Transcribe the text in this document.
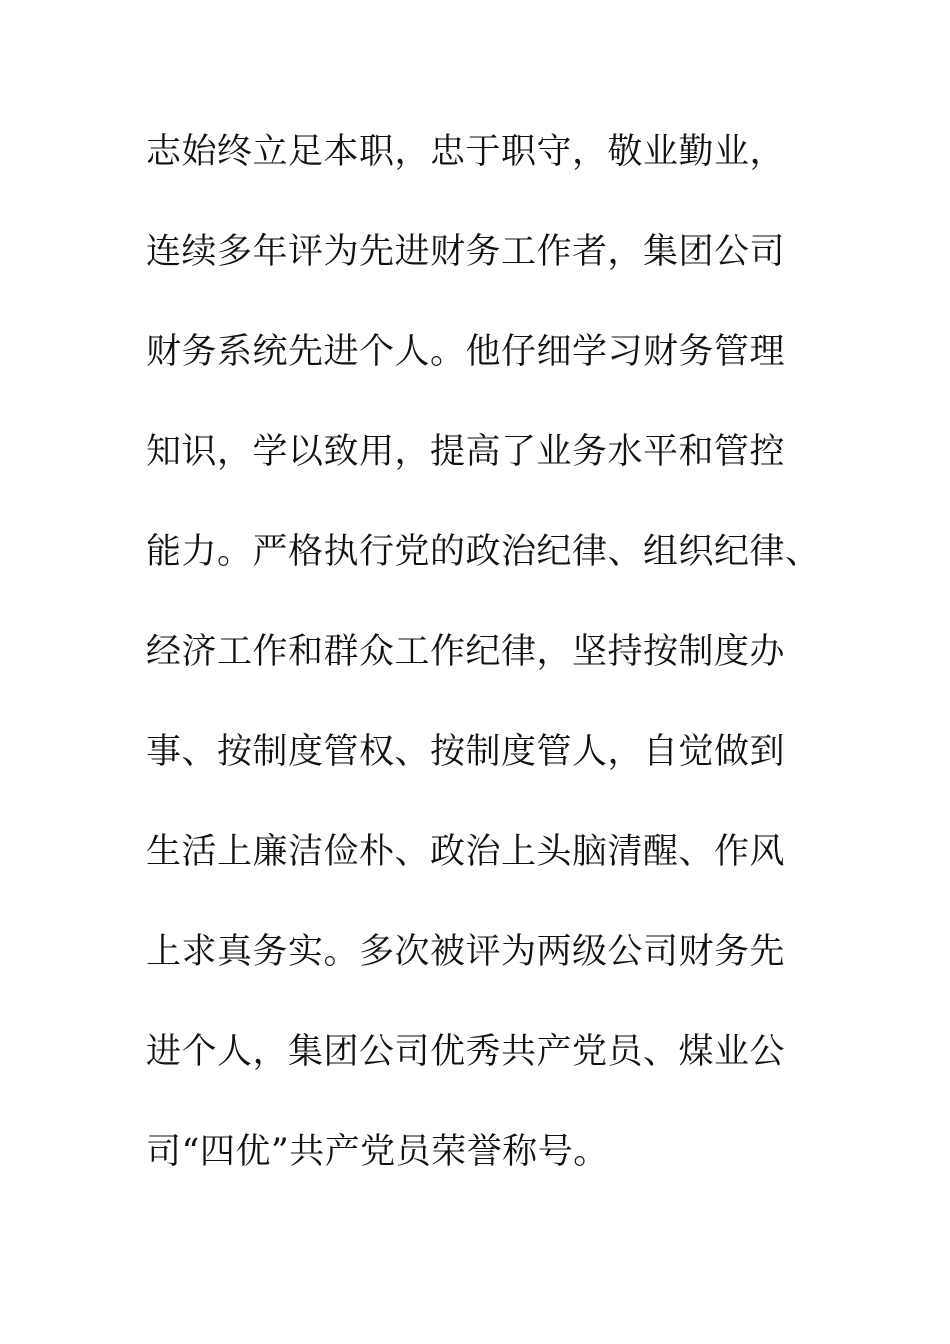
志始终立足本职，忠于职守，敬业勤业，
连续多年评为先进财务工作者，集团公司
财务系统先进个人。他仔细学习财务管理
知识，学以致用，提高了业务水平和管控
能力。严格执行党的政治纪律、组织纪律、
经济工作和群众工作纪律，坚持按制度办
事、按制度管权、按制度管人，自觉做到
生活上廉洁俭朴、政治上头脑清醒、作风
上求真务实。多次被评为两级公司财务先
进个人，集团公司优秀共产党员、煤业公
司“四优”共产党员荣誉称号。
